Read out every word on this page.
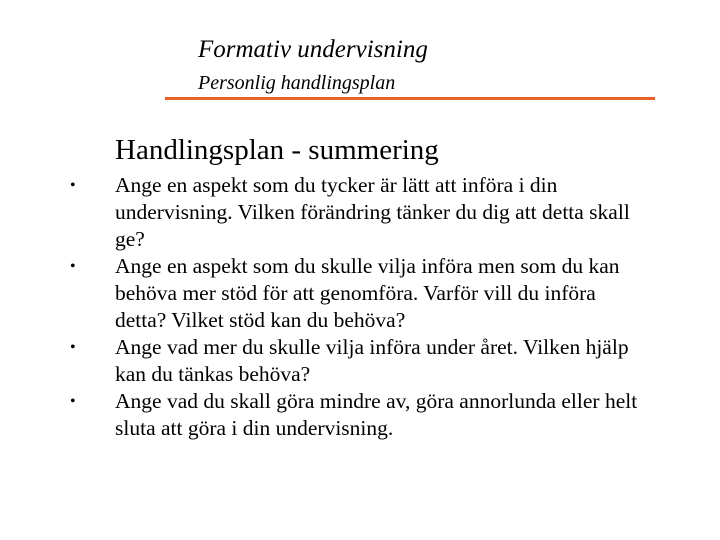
Formativ undervisning
Personlig handlingsplan
Handlingsplan - summering
•	Ange en aspekt som du tycker är lätt att införa i din undervisning. Vilken förändring tänker du dig att detta skall ge?
•	Ange en aspekt som du skulle vilja införa men som du kan behöva mer stöd för att genomföra. Varför vill du införa detta? Vilket stöd kan du behöva?
•	Ange vad mer du skulle vilja införa under året. Vilken hjälp kan du tänkas behöva?
•	Ange vad du skall göra mindre av, göra annorlunda eller helt sluta att göra i din undervisning.
